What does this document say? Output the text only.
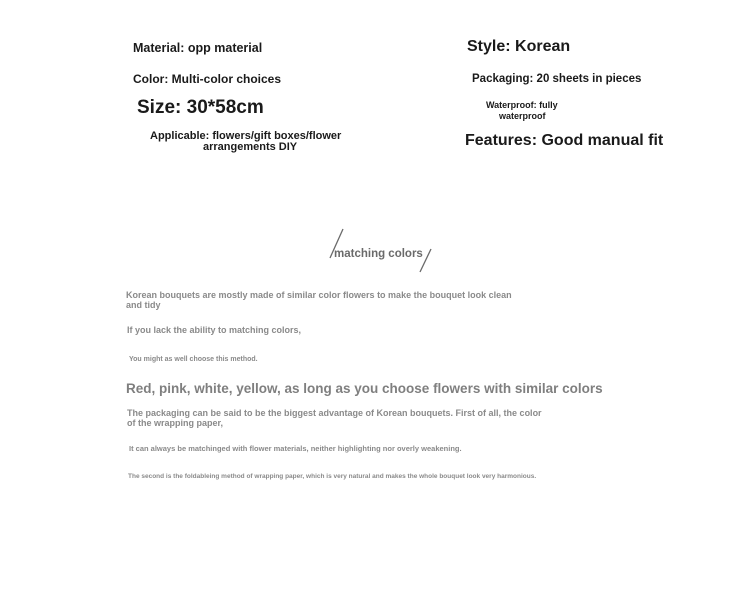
Material: opp material
Color: Multi-color choices
Size: 30*58cm
Applicable: flowers/gift boxes/flower
arrangements DIY
Style: Korean
Packaging: 20 sheets in pieces
Waterproof: fully
waterproof
Features: Good manual fit
matching colors
Korean bouquets are mostly made of similar color flowers to make the bouquet look clean and tidy
If you lack the ability to matching colors,
You might as well choose this method.
Red, pink, white, yellow, as long as you choose flowers with similar colors
The packaging can be said to be the biggest advantage of Korean bouquets. First of all, the color of the wrapping paper,
It can always be matchinged with flower materials, neither highlighting nor overly weakening.
The second is the foldableing method of wrapping paper, which is very natural and makes the whole bouquet look very harmonious.
